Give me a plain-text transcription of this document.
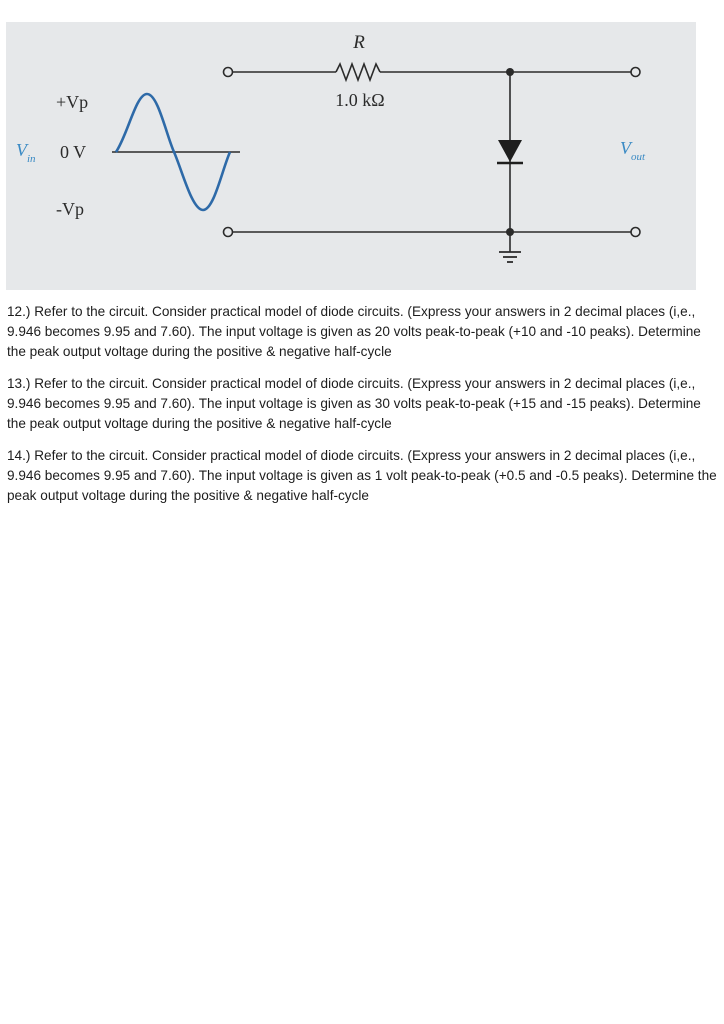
R
1.0 kΩ
+Vp
0 V
-Vp
$V_{in}$
$V_{out}$

12.) Refer to the circuit. Consider practical model of diode circuits. (Express your answers in 2 decimal places (i,e., 9.946 becomes 9.95 and 7.60). The input voltage is given as 20 volts peak-to-peak (+10 and -10 peaks). Determine the peak output voltage during the positive & negative half-cycle

13.) Refer to the circuit. Consider practical model of diode circuits. (Express your answers in 2 decimal places (i,e., 9.946 becomes 9.95 and 7.60). The input voltage is given as 30 volts peak-to-peak (+15 and -15 peaks). Determine the peak output voltage during the positive & negative half-cycle

14.) Refer to the circuit. Consider practical model of diode circuits. (Express your answers in 2 decimal places (i,e., 9.946 becomes 9.95 and 7.60). The input voltage is given as 1 volt peak-to-peak (+0.5 and -0.5 peaks). Determine the peak output voltage during the positive & negative half-cycle
